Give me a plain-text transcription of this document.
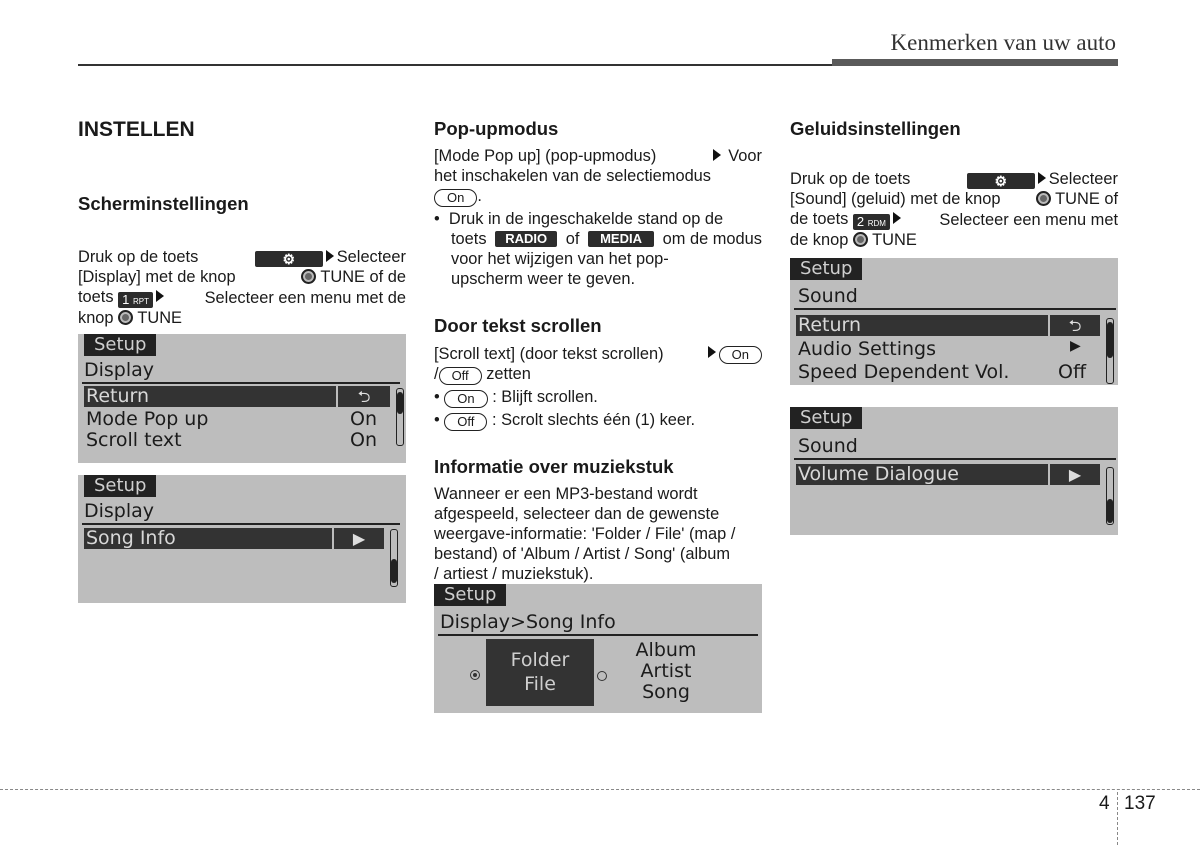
Kenmerken van uw auto
INSTELLEN
Scherminstellingen
Druk op de toets	⚙	Selecteer
[Display] met de knop	TUNE of de
toets 1 RPT	Selecteer een menu met de
knop TUNE
Setup
Display
Return	⮌
Mode Pop up	On
Scroll text	On
Setup
Display
Song Info	▶
Pop-upmodus
[Mode Pop up] (pop-upmodus)	Voor
het inschakelen van de selectiemodus
On .
•  Druk in de ingeschakelde stand op de
toets	RADIO	of	MEDIA	om de modus
voor het wijzigen van het pop-
upscherm weer te geven.
Door tekst scrollen
[Scroll text] (door tekst scrollen)	On
/ Off zetten
• On : Blijft scrollen.
• Off : Scrolt slechts één (1) keer.
Informatie over muziekstuk
Wanneer er een MP3-bestand wordt
afgespeeld, selecteer dan de gewenste
weergave-informatie: 'Folder / File' (map /
bestand) of 'Album / Artist / Song' (album
/ artiest / muziekstuk).
Setup
Display>Song Info
Folder
File
Album
Artist
Song
Geluidsinstellingen
Druk op de toets	⚙	Selecteer
[Sound] (geluid) met de knop	TUNE of
de toets 2 RDM	Selecteer een menu met
de knop TUNE
Setup
Sound
Return	⮌
Audio Settings	▶
Speed Dependent Vol.	Off
Setup
Sound
Volume Dialogue	▶
4 137
